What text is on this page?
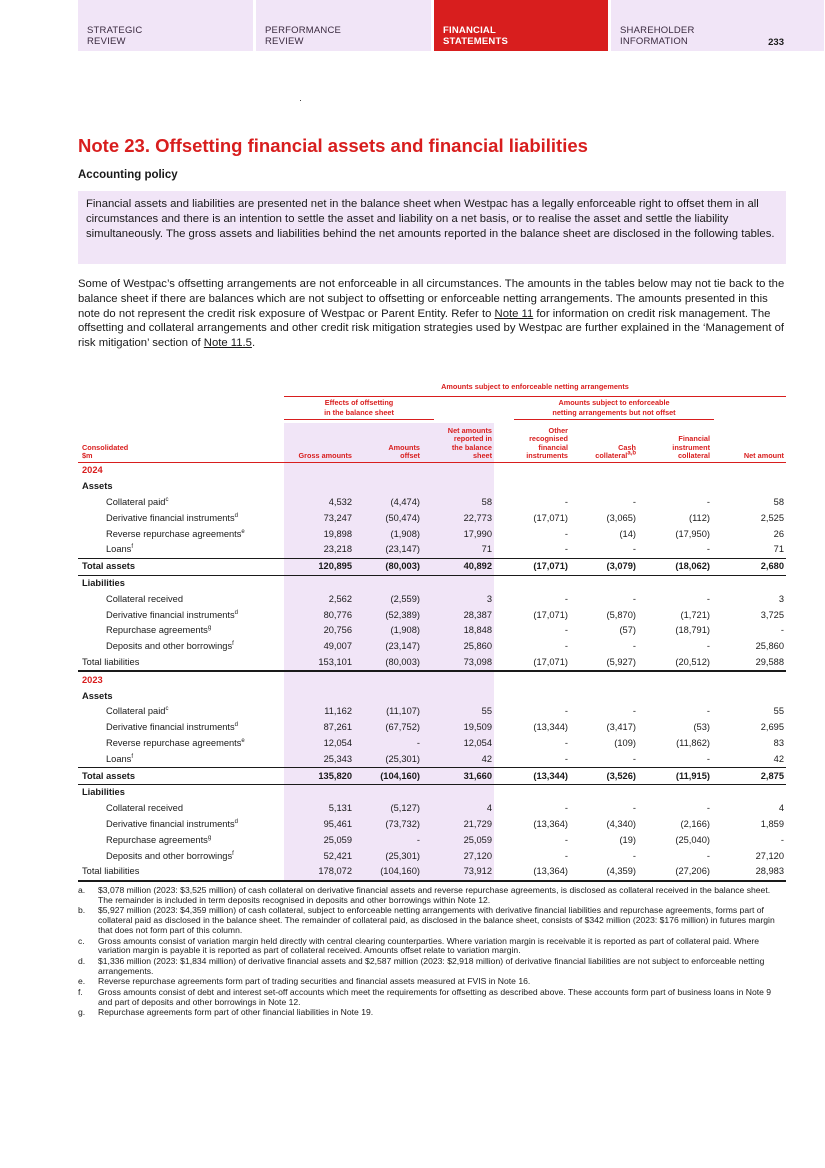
STRATEGIC
REVIEW
PERFORMANCE
REVIEW
FINANCIAL
STATEMENTS
SHAREHOLDER
INFORMATION	233
Note 23. Offsetting financial assets and financial liabilities
Accounting policy
Financial assets and liabilities are presented net in the balance sheet when Westpac has a legally enforceable right to offset them in all circumstances and there is an intention to settle the asset and liability on a net basis, or to realise the asset and settle the liability simultaneously. The gross assets and liabilities behind the net amounts reported in the balance sheet are disclosed in the following tables.

Some of Westpac’s offsetting arrangements are not enforceable in all circumstances. The amounts in the tables below may not tie back to the balance sheet if there are balances which are not subject to offsetting or enforceable netting arrangements. The amounts presented in this note do not represent the credit risk exposure of Westpac or Parent Entity. Refer to Note 11 for information on credit risk management. The offsetting and collateral arrangements and other credit risk mitigation strategies used by Westpac are further explained in the ‘Management of risk mitigation’ section of Note 11.5.

Amounts subject to enforceable netting arrangements
Effects of offsetting
in the balance sheet
Amounts subject to enforceable
netting arrangements but not offset
Consolidated
$m	Gross amounts	Amounts
offset	Net amounts
reported in
the balance
sheet	Other
recognised
financial
instruments	Cash
collateral$^{a,b}$	Financial
instrument
collateral	Net amount
2024							
Assets							
Collateral paid$^c$	4,532	(4,474)	58	-	-	-	58
Derivative financial instruments$^d$	73,247	(50,474)	22,773	(17,071)	(3,065)	(112)	2,525
Reverse repurchase agreements$^e$	19,898	(1,908)	17,990	-	(14)	(17,950)	26
Loans$^f$	23,218	(23,147)	71	-	-	-	71
Total assets	120,895	(80,003)	40,892	(17,071)	(3,079)	(18,062)	2,680
Liabilities							
Collateral received	2,562	(2,559)	3	-	-	-	3
Derivative financial instruments$^d$	80,776	(52,389)	28,387	(17,071)	(5,870)	(1,721)	3,725
Repurchase agreements$^g$	20,756	(1,908)	18,848	-	(57)	(18,791)	-
Deposits and other borrowings$^f$	49,007	(23,147)	25,860	-	-	-	25,860
Total liabilities	153,101	(80,003)	73,098	(17,071)	(5,927)	(20,512)	29,588
2023							
Assets							
Collateral paid$^c$	11,162	(11,107)	55	-	-	-	55
Derivative financial instruments$^d$	87,261	(67,752)	19,509	(13,344)	(3,417)	(53)	2,695
Reverse repurchase agreements$^e$	12,054	-	12,054	-	(109)	(11,862)	83
Loans$^f$	25,343	(25,301)	42	-	-	-	42
Total assets	135,820	(104,160)	31,660	(13,344)	(3,526)	(11,915)	2,875
Liabilities							
Collateral received	5,131	(5,127)	4	-	-	-	4
Derivative financial instruments$^d$	95,461	(73,732)	21,729	(13,364)	(4,340)	(2,166)	1,859
Repurchase agreements$^g$	25,059	-	25,059	-	(19)	(25,040)	-
Deposits and other borrowings$^f$	52,421	(25,301)	27,120	-	-	-	27,120
Total liabilities	178,072	(104,160)	73,912	(13,364)	(4,359)	(27,206)	28,983
a. $3,078 million (2023: $3,525 million) of cash collateral on derivative financial assets and reverse repurchase agreements, is disclosed as collateral received in the balance sheet. The remainder is included in term deposits recognised in deposits and other borrowings within Note 12.
b. $5,927 million (2023: $4,359 million) of cash collateral, subject to enforceable netting arrangements with derivative financial liabilities and repurchase agreements, forms part of collateral paid as disclosed in the balance sheet. The remainder of collateral paid, as disclosed in the balance sheet, consists of $342 million (2023: $176 million) in futures margin that does not form part of this column.
c. Gross amounts consist of variation margin held directly with central clearing counterparties. Where variation margin is receivable it is reported as part of collateral paid. Where variation margin is payable it is reported as part of collateral received. Amounts offset relate to variation margin.
d. $1,336 million (2023: $1,834 million) of derivative financial assets and $2,587 million (2023: $2,918 million) of derivative financial liabilities are not subject to enforceable netting arrangements.
e. Reverse repurchase agreements form part of trading securities and financial assets measured at FVIS in Note 16.
f. Gross amounts consist of debt and interest set-off accounts which meet the requirements for offsetting as described above. These accounts form part of business loans in Note 9 and part of deposits and other borrowings in Note 12.
g. Repurchase agreements form part of other financial liabilities in Note 19.
